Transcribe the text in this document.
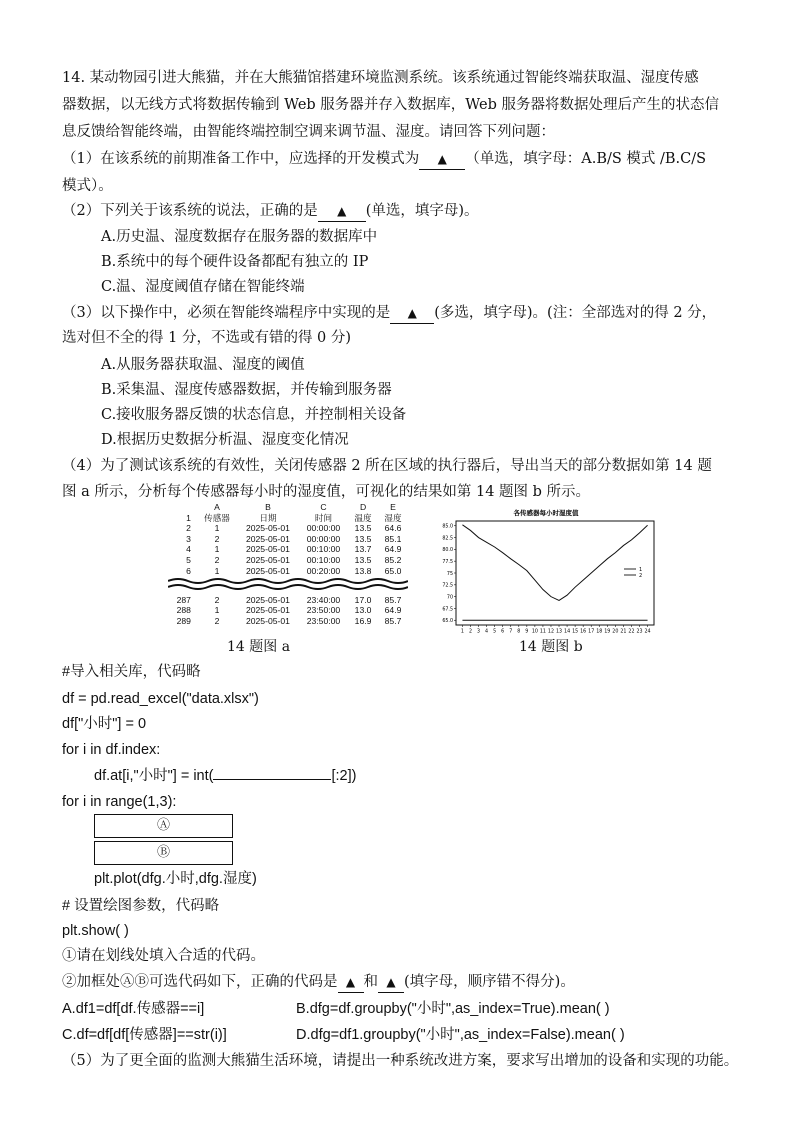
14. 某动物园引进大熊猫，并在大熊猫馆搭建环境监测系统。该系统通过智能终端获取温、湿度传感
器数据，以无线方式将数据传输到 Web 服务器并存入数据库，Web 服务器将数据处理后产生的状态信
息反馈给智能终端，由智能终端控制空调来调节温、湿度。请回答下列问题：
（1）在该系统的前期准备工作中，应选择的开发模式为 ▲ （单选，填字母：A.B/S 模式 /B.C/S
模式）。
（2）下列关于该系统的说法，正确的是 ▲ (单选，填字母)。
A.历史温、湿度数据存在服务器的数据库中
B.系统中的每个硬件设备都配有独立的 IP
C.温、湿度阈值存储在智能终端
（3）以下操作中，必须在智能终端程序中实现的是 ▲ (多选，填字母)。(注：全部选对的得 2 分，
选对但不全的得 1 分，不选或有错的得 0 分)
A.从服务器获取温、湿度的阈值
B.采集温、湿度传感器数据，并传输到服务器
C.接收服务器反馈的状态信息，并控制相关设备
D.根据历史数据分析温、湿度变化情况
（4）为了测试该系统的有效性，关闭传感器 2 所在区域的执行器后，导出当天的部分数据如第 14 题
图 a 所示，分析每个传感器每小时的湿度值，可视化的结果如第 14 题图 b 所示。
	A	B	C	D	E
1	传感器	日期	时间	温度	湿度
2	1	2025-05-01	00:00:00	13.5	64.6
3	2	2025-05-01	00:00:00	13.5	85.1
4	1	2025-05-01	00:10:00	13.7	64.9
5	2	2025-05-01	00:10:00	13.5	85.2
6	1	2025-05-01	00:20:00	13.8	65.0

287	2	2025-05-01	23:40:00	17.0	85.7
288	1	2025-05-01	23:50:00	13.0	64.9
289	2	2025-05-01	23:50:00	16.9	85.7
14 题图 a
各传感器每小时湿度值
65.0
67.5
70
72.5
75
77.5
80.0
82.5
85.0
1 2 3 4 5 6 7 8 9 10 11 12 13 14 15 16 17 18 19 20 21 22 23 24
1
2
14 题图 b
#导入相关库，代码略
df = pd.read_excel("data.xlsx")
df["小时"] = 0
for i in df.index:
df.at[i,"小时"] = int(	[:2])
for i in range(1,3):
Ⓐ
Ⓑ
plt.plot(dfg.小时,dfg.湿度)
# 设置绘图参数，代码略
plt.show( )
①请在划线处填入合适的代码。
②加框处ⒶⒷ可选代码如下，正确的代码是 ▲ 和 ▲ (填字母，顺序错不得分)。
A.df1=df[df.传感器==i]	B.dfg=df.groupby("小时",as_index=True).mean( )
C.df=df[df[传感器]==str(i)]	D.dfg=df1.groupby("小时",as_index=False).mean( )
（5）为了更全面的监测大熊猫生活环境，请提出一种系统改进方案，要求写出增加的设备和实现的功能。
